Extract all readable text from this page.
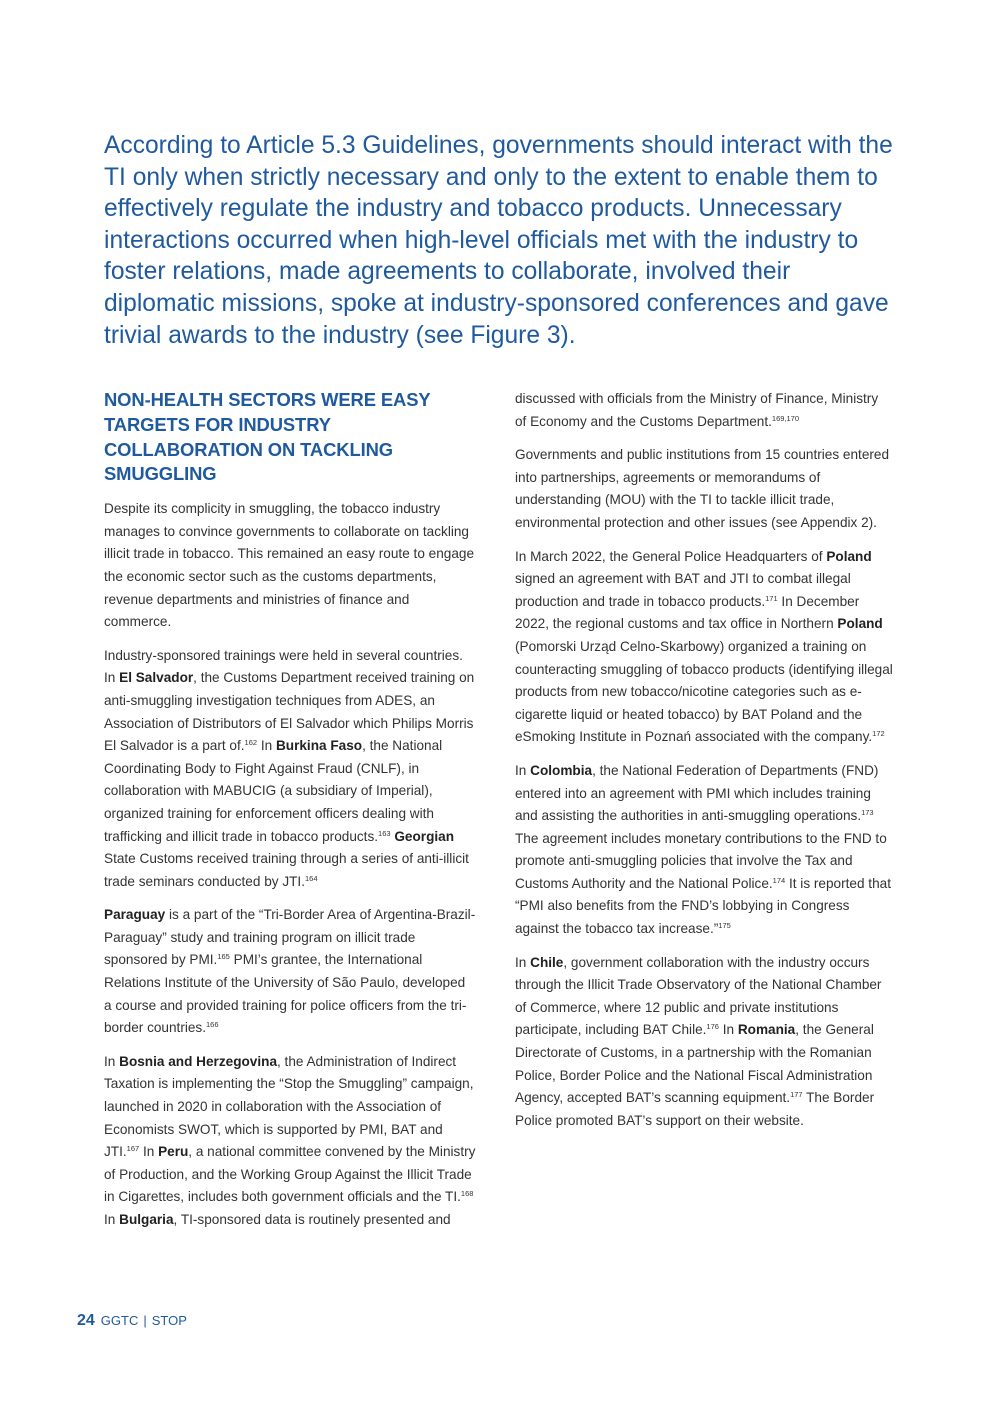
According to Article 5.3 Guidelines, governments should interact with the TI only when strictly necessary and only to the extent to enable them to effectively regulate the industry and tobacco products. Unnecessary interactions occurred when high-level officials met with the industry to foster relations, made agreements to collaborate, involved their diplomatic missions, spoke at industry-sponsored conferences and gave trivial awards to the industry (see Figure 3).

NON-HEALTH SECTORS WERE EASY TARGETS FOR INDUSTRY COLLABORATION ON TACKLING SMUGGLING

Despite its complicity in smuggling, the tobacco industry manages to convince governments to collaborate on tackling illicit trade in tobacco. This remained an easy route to engage the economic sector such as the customs departments, revenue departments and ministries of finance and commerce.

Industry-sponsored trainings were held in several countries. In El Salvador, the Customs Department received training on anti-smuggling investigation techniques from ADES, an Association of Distributors of El Salvador which Philips Morris El Salvador is a part of.$^{162}$ In Burkina Faso, the National Coordinating Body to Fight Against Fraud (CNLF), in collaboration with MABUCIG (a subsidiary of Imperial), organized training for enforcement officers dealing with trafficking and illicit trade in tobacco products.$^{163}$ Georgian State Customs received training through a series of anti-illicit trade seminars conducted by JTI.$^{164}$

Paraguay is a part of the “Tri-Border Area of Argentina-Brazil-Paraguay” study and training program on illicit trade sponsored by PMI.$^{165}$ PMI’s grantee, the International Relations Institute of the University of São Paulo, developed a course and provided training for police officers from the tri-border countries.$^{166}$

In Bosnia and Herzegovina, the Administration of Indirect Taxation is implementing the “Stop the Smuggling” campaign, launched in 2020 in collaboration with the Association of Economists SWOT, which is supported by PMI, BAT and JTI.$^{167}$ In Peru, a national committee convened by the Ministry of Production, and the Working Group Against the Illicit Trade in Cigarettes, includes both government officials and the TI.$^{168}$ In Bulgaria, TI-sponsored data is routinely presented and

discussed with officials from the Ministry of Finance, Ministry of Economy and the Customs Department.$^{169,170}$

Governments and public institutions from 15 countries entered into partnerships, agreements or memorandums of understanding (MOU) with the TI to tackle illicit trade, environmental protection and other issues (see Appendix 2).

In March 2022, the General Police Headquarters of Poland signed an agreement with BAT and JTI to combat illegal production and trade in tobacco products.$^{171}$ In December 2022, the regional customs and tax office in Northern Poland (Pomorski Urząd Celno-Skarbowy) organized a training on counteracting smuggling of tobacco products (identifying illegal products from new tobacco/nicotine categories such as e-cigarette liquid or heated tobacco) by BAT Poland and the eSmoking Institute in Poznań associated with the company.$^{172}$

In Colombia, the National Federation of Departments (FND) entered into an agreement with PMI which includes training and assisting the authorities in anti-smuggling operations.$^{173}$ The agreement includes monetary contributions to the FND to promote anti-smuggling policies that involve the Tax and Customs Authority and the National Police.$^{174}$ It is reported that “PMI also benefits from the FND’s lobbying in Congress against the tobacco tax increase.”$^{175}$

In Chile, government collaboration with the industry occurs through the Illicit Trade Observatory of the National Chamber of Commerce, where 12 public and private institutions participate, including BAT Chile.$^{176}$ In Romania, the General Directorate of Customs, in a partnership with the Romanian Police, Border Police and the National Fiscal Administration Agency, accepted BAT’s scanning equipment.$^{177}$ The Border Police promoted BAT’s support on their website.

24 GGTC | STOP
